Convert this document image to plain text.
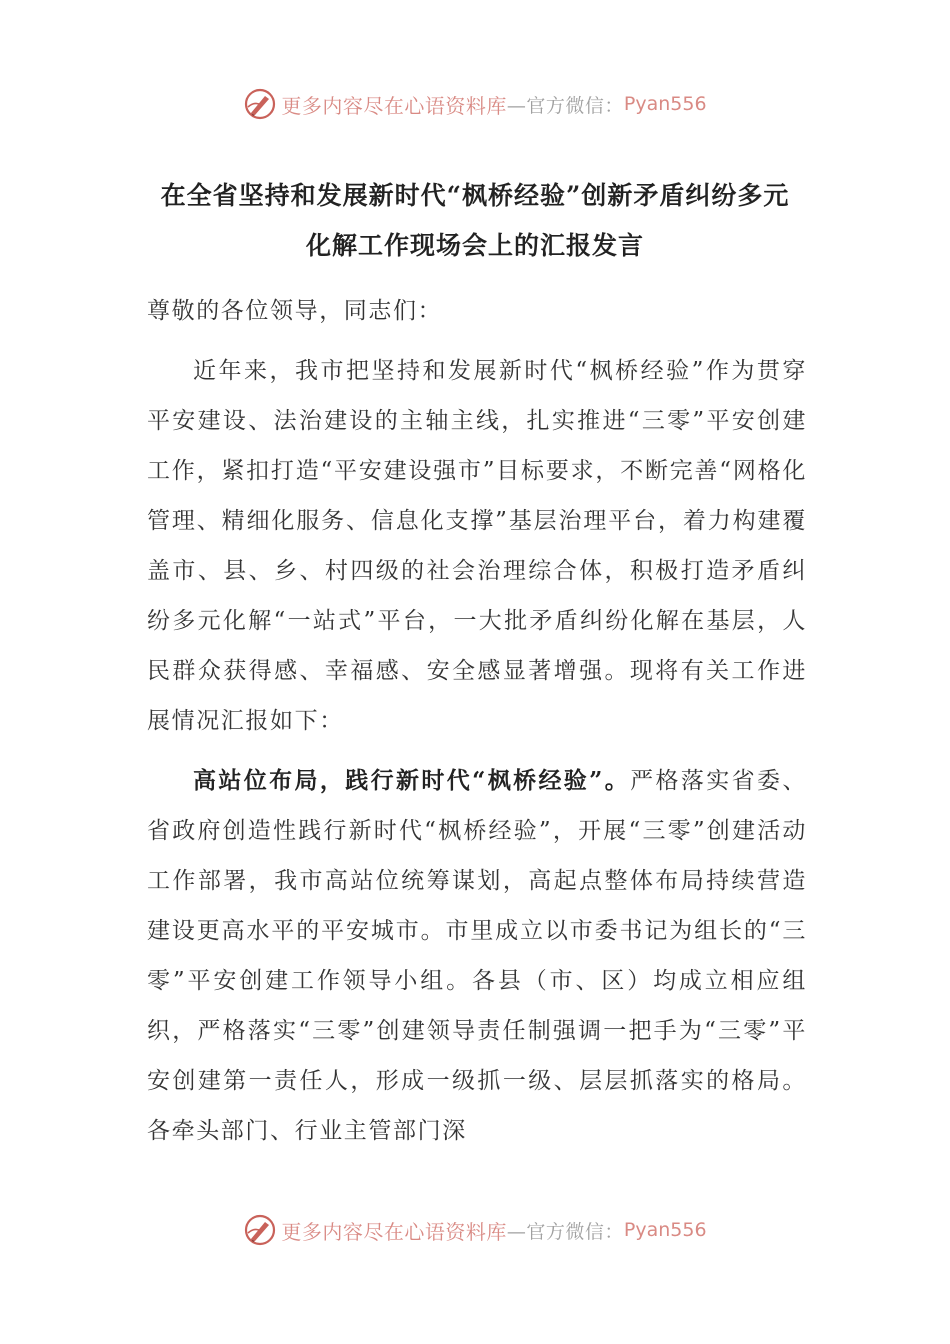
更多内容尽在心语资料库 —官方微信： Pyan556
在全省坚持和发展新时代“枫桥经验”创新矛盾纠纷多元
化解工作现场会上的汇报发言

尊敬的各位领导，同志们：

近年来，我市把坚持和发展新时代“枫桥经验”作为贯穿平安建设、法治建设的主轴主线，扎实推进“三零”平安创建工作，紧扣打造“平安建设强市”目标要求，不断完善“网格化管理、精细化服务、信息化支撑”基层治理平台，着力构建覆盖市、县、乡、村四级的社会治理综合体，积极打造矛盾纠纷多元化解“一站式”平台，一大批矛盾纠纷化解在基层，人民群众获得感、幸福感、安全感显著增强。现将有关工作进展情况汇报如下：

高站位布局，践行新时代“枫桥经验”。严格落实省委、省政府创造性践行新时代“枫桥经验”，开展“三零”创建活动工作部署，我市高站位统筹谋划，高起点整体布局持续营造建设更高水平的平安城市。市里成立以市委书记为组长的“三零”平安创建工作领导小组。各县（市、区）均成立相应组织，严格落实“三零”创建领导责任制强调一把手为“三零”平安创建第一责任人，形成一级抓一级、层层抓落实的格局。各牵头部门、行业主管部门深

更多内容尽在心语资料库 —官方微信： Pyan556
